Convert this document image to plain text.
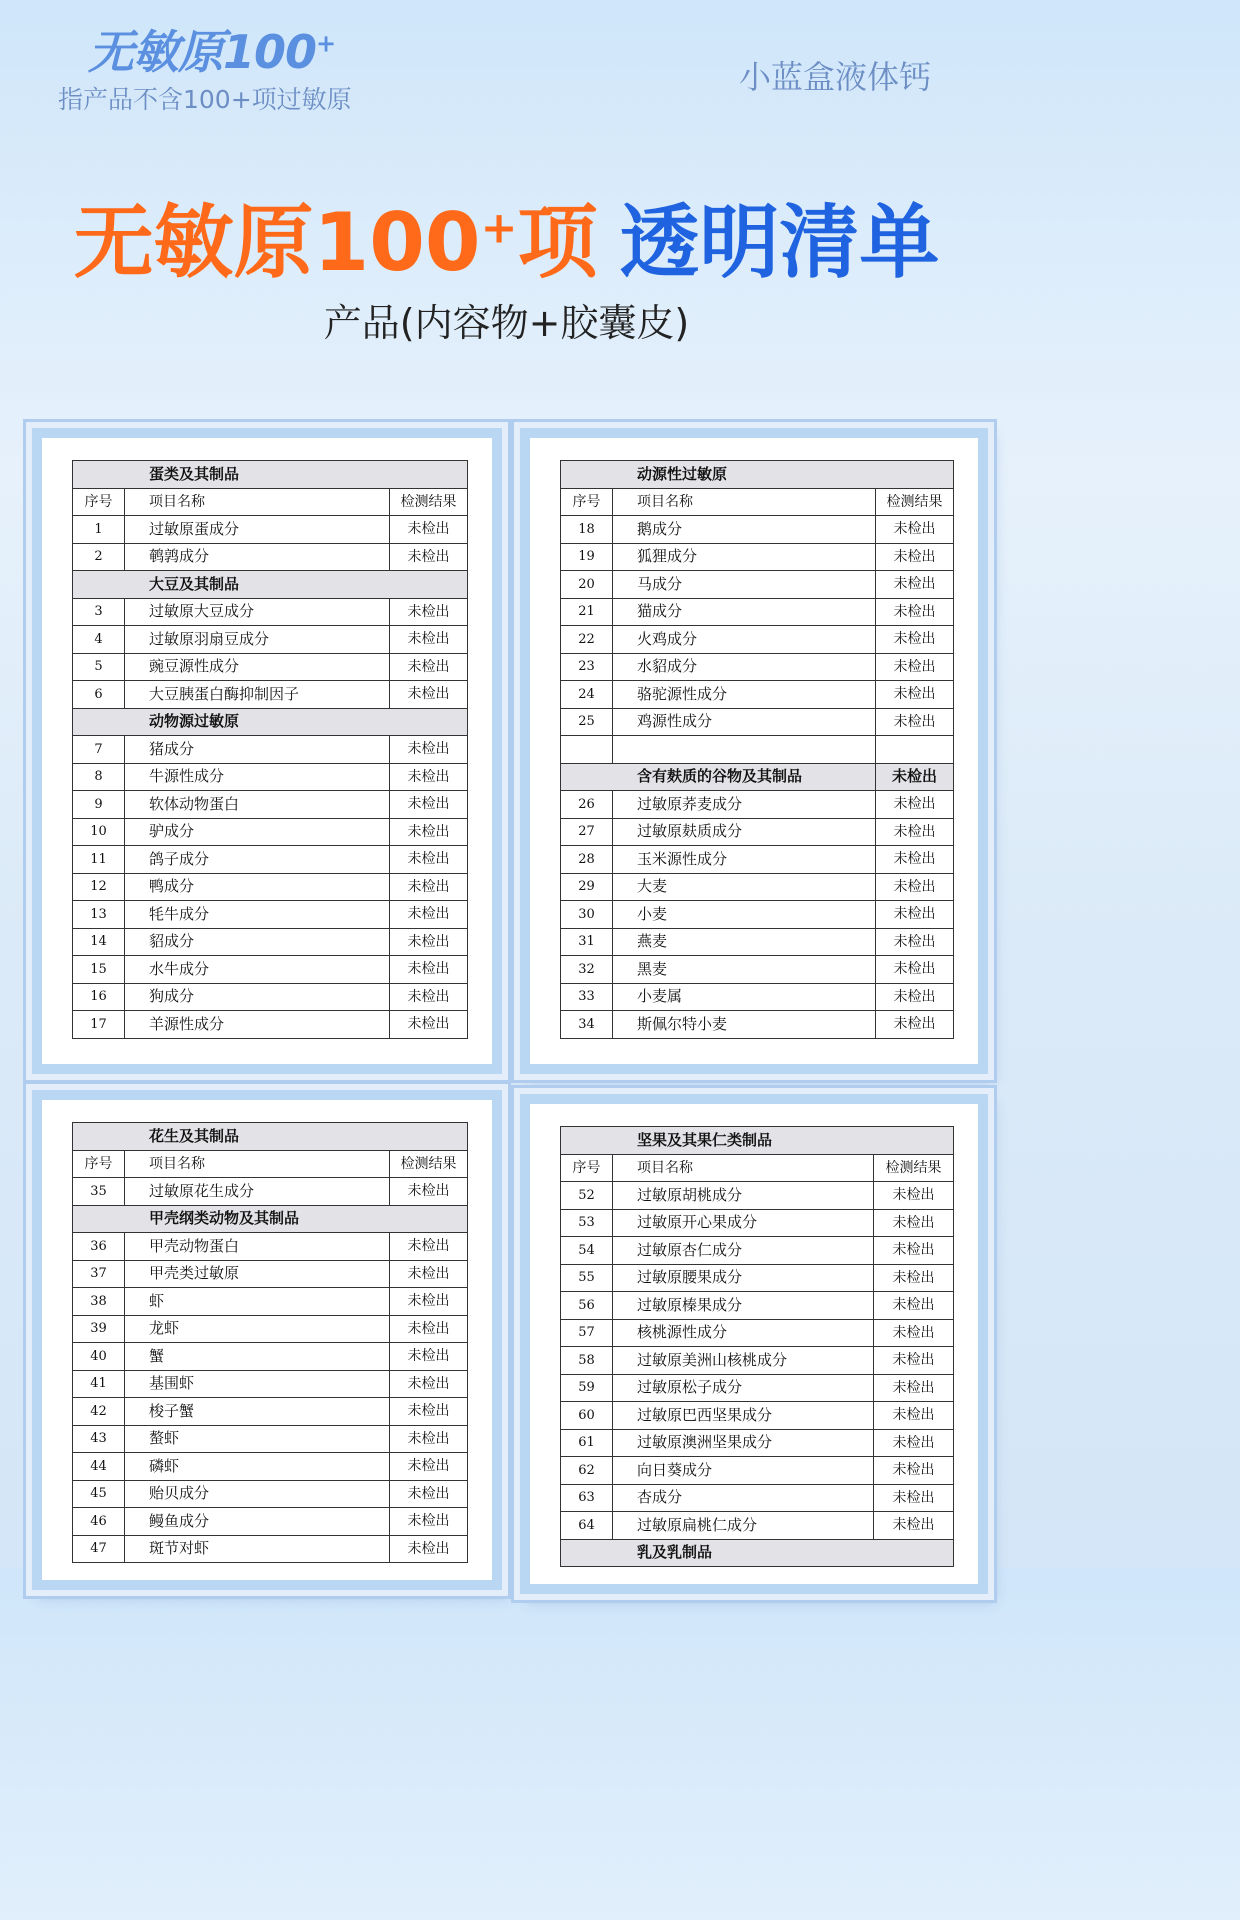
无敏原100+
指产品不含100+项过敏原
小蓝盒液体钙
无敏原100+项 透明清单
产品(内容物+胶囊皮)
蛋类及其制品		
序号	项目名称	检测结果
1	过敏原蛋成分	未检出
2	鹌鹑成分	未检出
大豆及其制品		
3	过敏原大豆成分	未检出
4	过敏原羽扇豆成分	未检出
5	豌豆源性成分	未检出
6	大豆胰蛋白酶抑制因子	未检出
动物源过敏原		
7	猪成分	未检出
8	牛源性成分	未检出
9	软体动物蛋白	未检出
10	驴成分	未检出
11	鸽子成分	未检出
12	鸭成分	未检出
13	牦牛成分	未检出
14	貂成分	未检出
15	水牛成分	未检出
16	狗成分	未检出
17	羊源性成分	未检出
动源性过敏原		
序号	项目名称	检测结果
18	鹅成分	未检出
19	狐狸成分	未检出
20	马成分	未检出
21	猫成分	未检出
22	火鸡成分	未检出
23	水貂成分	未检出
24	骆驼源性成分	未检出
25	鸡源性成分	未检出

含有麸质的谷物及其制品		未检出
26	过敏原荞麦成分	未检出
27	过敏原麸质成分	未检出
28	玉米源性成分	未检出
29	大麦	未检出
30	小麦	未检出
31	燕麦	未检出
32	黑麦	未检出
33	小麦属	未检出
34	斯佩尔特小麦	未检出
花生及其制品		
序号	项目名称	检测结果
35	过敏原花生成分	未检出
甲壳纲类动物及其制品		
36	甲壳动物蛋白	未检出
37	甲壳类过敏原	未检出
38	虾	未检出
39	龙虾	未检出
40	蟹	未检出
41	基围虾	未检出
42	梭子蟹	未检出
43	螯虾	未检出
44	磷虾	未检出
45	贻贝成分	未检出
46	鳗鱼成分	未检出
47	斑节对虾	未检出
坚果及其果仁类制品		
序号	项目名称	检测结果
52	过敏原胡桃成分	未检出
53	过敏原开心果成分	未检出
54	过敏原杏仁成分	未检出
55	过敏原腰果成分	未检出
56	过敏原榛果成分	未检出
57	核桃源性成分	未检出
58	过敏原美洲山核桃成分	未检出
59	过敏原松子成分	未检出
60	过敏原巴西坚果成分	未检出
61	过敏原澳洲坚果成分	未检出
62	向日葵成分	未检出
63	杏成分	未检出
64	过敏原扁桃仁成分	未检出
乳及乳制品		
